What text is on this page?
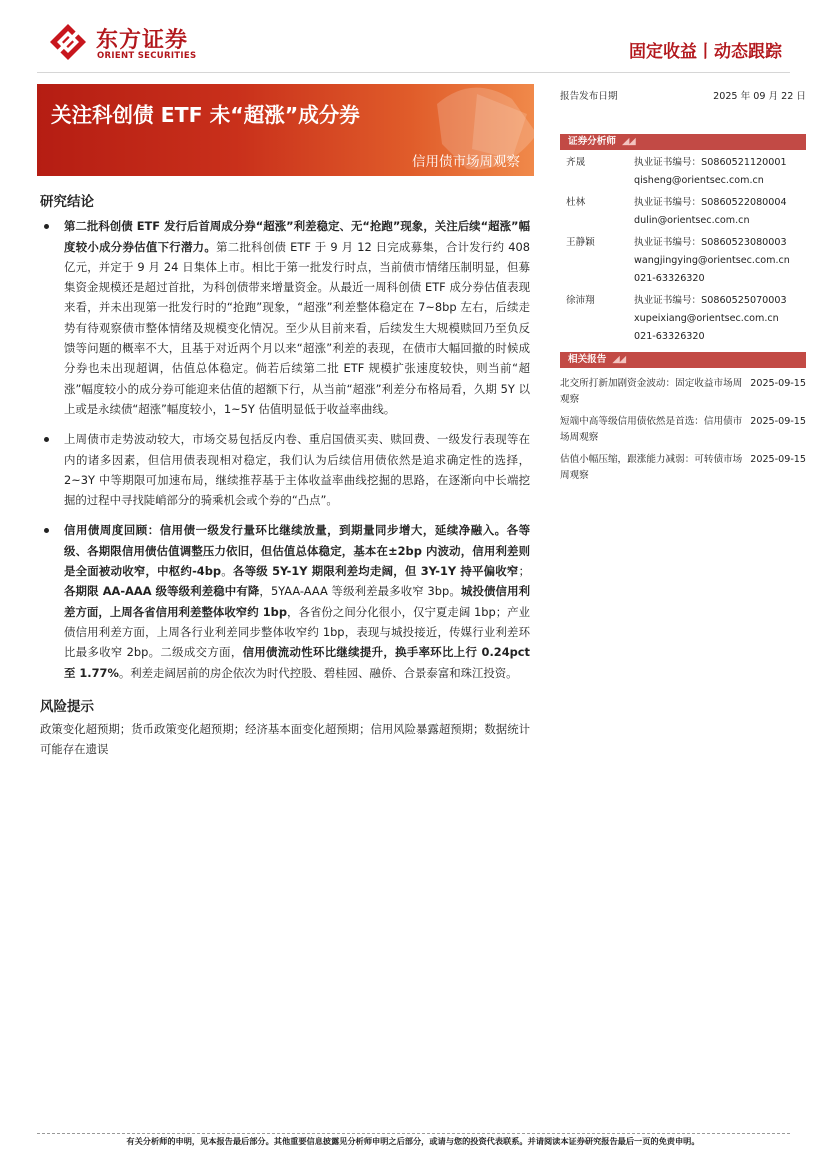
东方证券
ORIENT SECURITIES	固定收益丨动态跟踪
关注科创债 ETF 未“超涨”成分券
信用债市场周观察
研究结论
第二批科创债 ETF 发行后首周成分券“超涨”利差稳定、无“抢跑”现象，关注后续“超涨”幅度较小成分券估值下行潜力。第二批科创债 ETF 于 9 月 12 日完成募集，合计发行约 408 亿元，并定于 9 月 24 日集体上市。相比于第一批发行时点，当前债市情绪压制明显，但募集资金规模还是超过首批，为科创债带来增量资金。从最近一周科创债 ETF 成分券估值表现来看，并未出现第一批发行时的“抢跑”现象，“超涨”利差整体稳定在 7~8bp 左右，后续走势有待观察债市整体情绪及规模变化情况。至少从目前来看，后续发生大规模赎回乃至负反馈等问题的概率不大，且基于对近两个月以来“超涨”利差的表现，在债市大幅回撤的时候成分券也未出现超调，估值总体稳定。倘若后续第二批 ETF 规模扩张速度较快，则当前“超涨”幅度较小的成分券可能迎来估值的超额下行，从当前“超涨”利差分布格局看，久期 5Y 以上或是永续债“超涨”幅度较小，1~5Y 估值明显低于收益率曲线。
上周债市走势波动较大，市场交易包括反内卷、重启国债买卖、赎回费、一级发行表现等在内的诸多因素，但信用债表现相对稳定，我们认为后续信用债依然是追求确定性的选择，2~3Y 中等期限可加速布局，继续推荐基于主体收益率曲线挖掘的思路，在逐渐向中长端挖掘的过程中寻找陡峭部分的骑乘机会或个券的“凸点”。
信用债周度回顾：信用债一级发行量环比继续放量，到期量同步增大，延续净融入。各等级、各期限信用债估值调整压力依旧，但估值总体稳定，基本在±2bp 内波动，信用利差则是全面被动收窄，中枢约-4bp。各等级 5Y-1Y 期限利差均走阔，但 3Y-1Y 持平偏收窄；各期限 AA-AAA 级等级利差稳中有降，5YAA-AAA 等级利差最多收窄 3bp。城投债信用利差方面，上周各省信用利差整体收窄约 1bp，各省份之间分化很小，仅宁夏走阔 1bp；产业债信用利差方面，上周各行业利差同步整体收窄约 1bp，表现与城投接近，传媒行业利差环比最多收窄 2bp。二级成交方面，信用债流动性环比继续提升，换手率环比上行 0.24pct 至 1.77%。利差走阔居前的房企依次为时代控股、碧桂园、融侨、合景泰富和珠江投资。
风险提示
政策变化超预期；货币政策变化超预期；经济基本面变化超预期；信用风险暴露超预期；数据统计可能存在遗误
报告发布日期	2025 年 09 月 22 日
证券分析师 ◢◢
齐晟	执业证书编号：S0860521120001
qisheng@orientsec.com.cn
杜林	执业证书编号：S0860522080004
dulin@orientsec.com.cn
王静颖	执业证书编号：S0860523080003
wangjingying@orientsec.com.cn
021-63326320
徐沛翔	执业证书编号：S0860525070003
xupeixiang@orientsec.com.cn
021-63326320
相关报告 ◢◢
北交所打新加剧资金波动：固定收益市场周观察
2025-09-15
短端中高等级信用债依然是首选：信用债市场周观察
2025-09-15
估值小幅压缩，跟涨能力减弱：可转债市场周观察
2025-09-15
有关分析师的申明，见本报告最后部分。其他重要信息披露见分析师申明之后部分，或请与您的投资代表联系。并请阅读本证券研究报告最后一页的免责申明。
